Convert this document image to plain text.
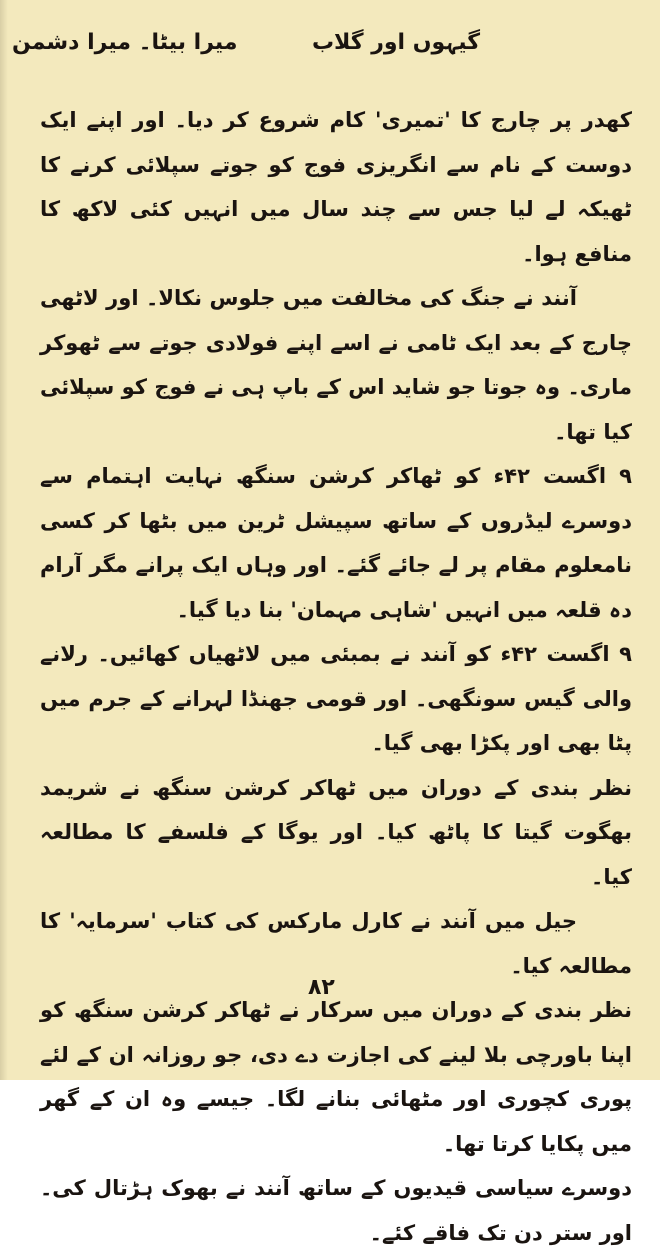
گیہوں اور گلاب
میرا بیٹا۔ میرا دشمن

کھدر پر چارج کا 'تمیری' کام شروع کر دیا۔ اور اپنے ایک دوست کے نام سے انگریزی فوج کو جوتے سپلائی کرنے کا ٹھیکہ لے لیا جس سے چند سال میں انہیں کئی لاکھ کا منافع ہوا۔

آنند نے جنگ کی مخالفت میں جلوس نکالا۔ اور لاٹھی چارج کے بعد ایک ٹامی نے اسے اپنے فولادی جوتے سے ٹھوکر ماری۔ وہ جوتا جو شاید اس کے باپ ہی نے فوج کو سپلائی کیا تھا۔

۹ اگست ۴۲ء کو ٹھاکر کرشن سنگھ نہایت اہتمام سے دوسرے لیڈروں کے ساتھ سپیشل ٹرین میں بٹھا کر کسی نامعلوم مقام پر لے جائے گئے۔ اور وہاں ایک پرانے مگر آرام دہ قلعہ میں انہیں 'شاہی مہمان' بنا دیا گیا۔

۹ اگست ۴۲ء کو آنند نے بمبئی میں لاٹھیاں کھائیں۔ رلانے والی گیس سونگھی۔ اور قومی جھنڈا لہرانے کے جرم میں پٹا بھی اور پکڑا بھی گیا۔

نظر بندی کے دوران میں ٹھاکر کرشن سنگھ نے شریمد بھگوت گیتا کا پاٹھ کیا۔ اور یوگا کے فلسفے کا مطالعہ کیا۔

جیل میں آنند نے کارل مارکس کی کتاب 'سرمایہ' کا مطالعہ کیا۔

نظر بندی کے دوران میں سرکار نے ٹھاکر کرشن سنگھ کو اپنا باورچی بلا لینے کی اجازت دے دی، جو روزانہ ان کے لئے پوری کچوری اور مٹھائی بنانے لگا۔ جیسے وہ ان کے گھر میں پکایا کرتا تھا۔

دوسرے سیاسی قیدیوں کے ساتھ آنند نے بھوک ہڑتال کی۔ اور ستر دن تک فاقے کئے۔

۸۲
